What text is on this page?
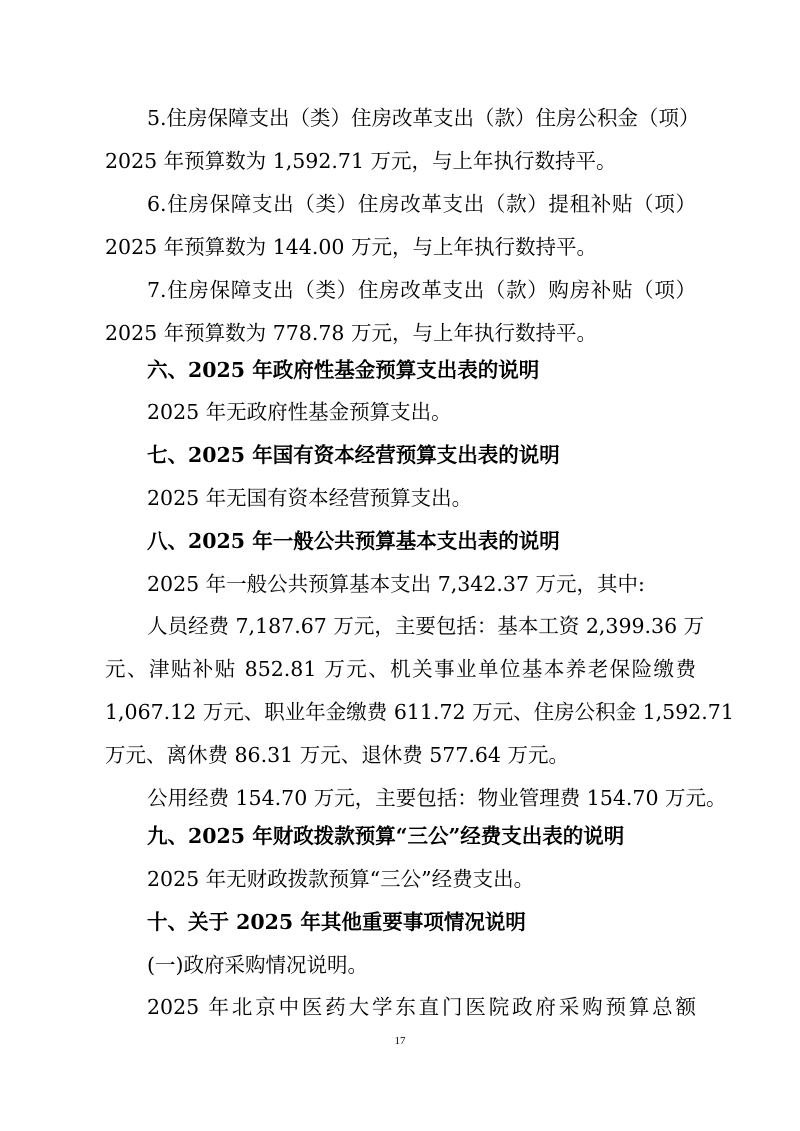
5.住房保障支出（类）住房改革支出（款）住房公积金（项）
2025 年预算数为 1,592.71 万元，与上年执行数持平。
6.住房保障支出（类）住房改革支出（款）提租补贴（项）
2025 年预算数为 144.00 万元，与上年执行数持平。
7.住房保障支出（类）住房改革支出（款）购房补贴（项）
2025 年预算数为 778.78 万元，与上年执行数持平。
六、2025 年政府性基金预算支出表的说明
2025 年无政府性基金预算支出。
七、2025 年国有资本经营预算支出表的说明
2025 年无国有资本经营预算支出。
八、2025 年一般公共预算基本支出表的说明
2025 年一般公共预算基本支出 7,342.37 万元，其中:
人员经费 7,187.67 万元，主要包括：基本工资 2,399.36 万
元、津贴补贴 852.81 万元、机关事业单位基本养老保险缴费
1,067.12 万元、职业年金缴费 611.72 万元、住房公积金 1,592.71
万元、离休费 86.31 万元、退休费 577.64 万元。
公用经费 154.70 万元，主要包括：物业管理费 154.70 万元。
九、2025 年财政拨款预算“三公”经费支出表的说明
2025 年无财政拨款预算“三公”经费支出。
十、关于 2025 年其他重要事项情况说明
(一)政府采购情况说明。
2025 年北京中医药大学东直门医院政府采购预算总额
17
